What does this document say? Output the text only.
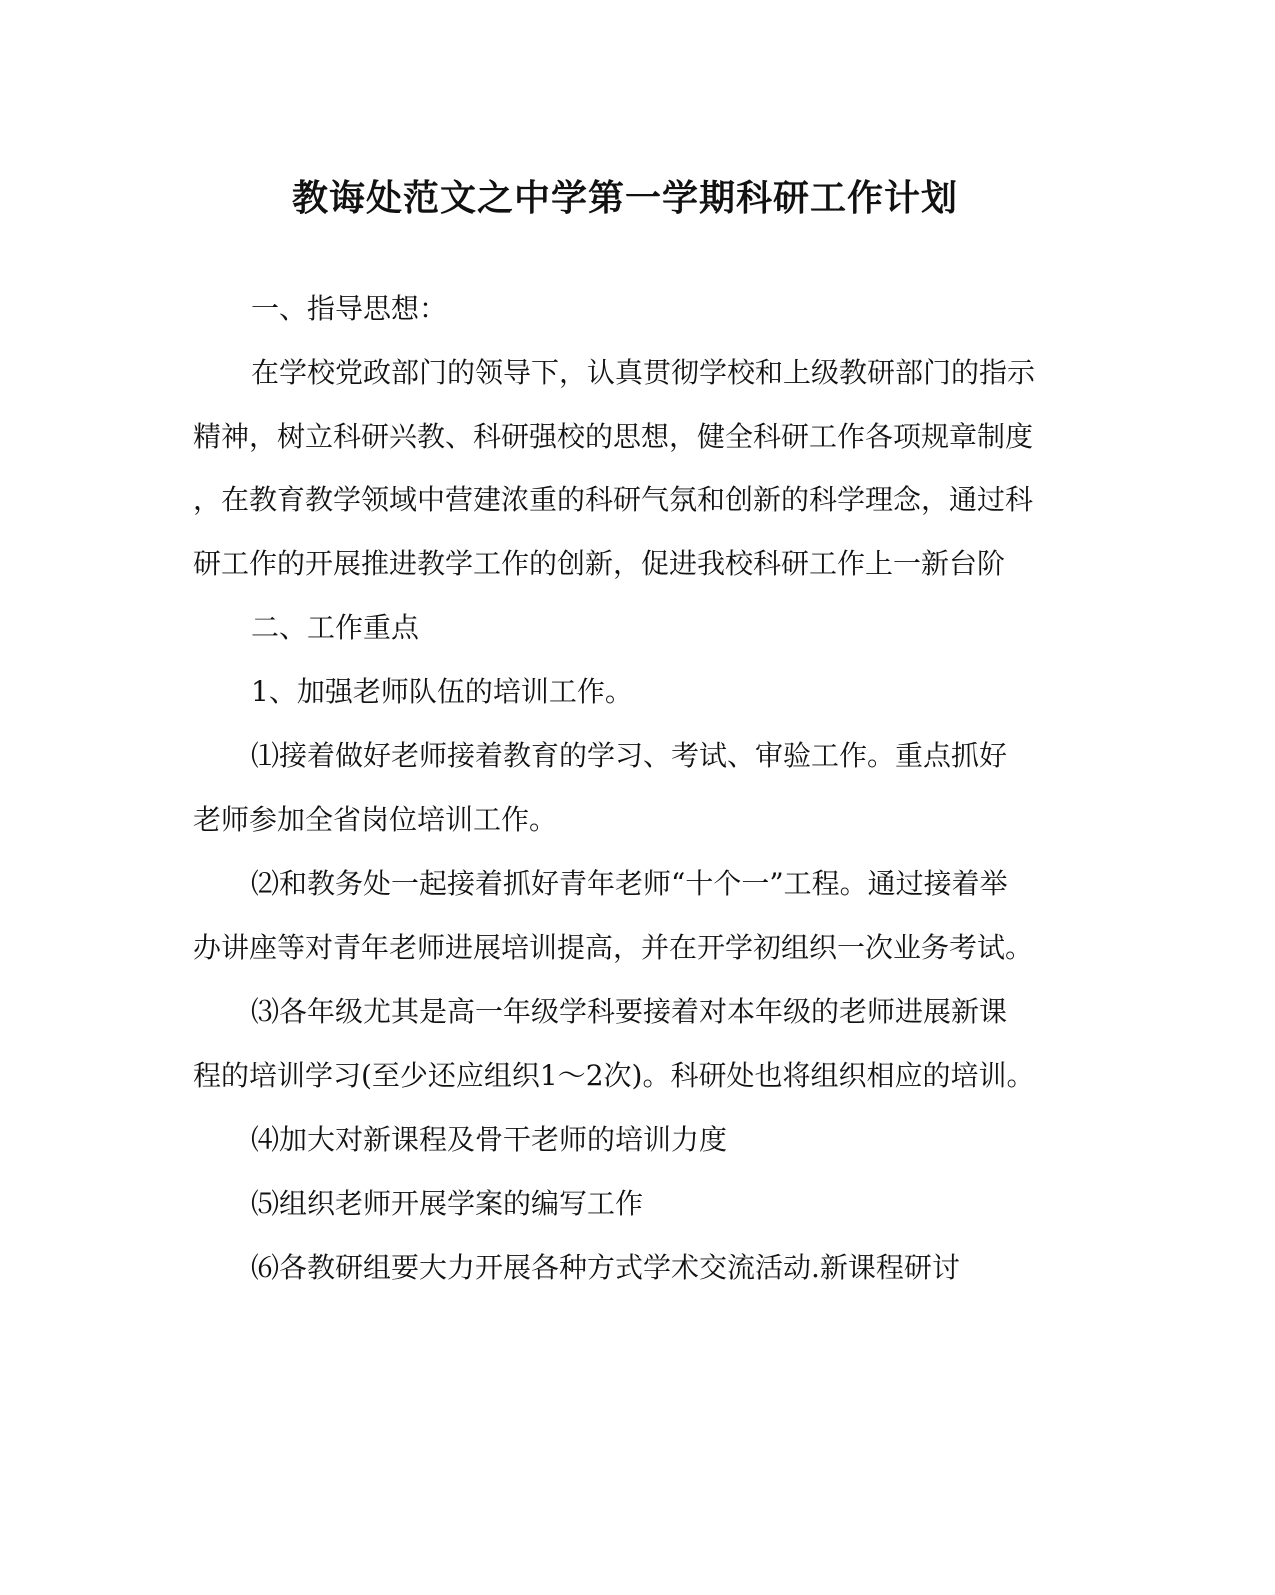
教诲处范文之中学第一学期科研工作计划
一、指导思想：
在学校党政部门的领导下，认真贯彻学校和上级教研部门的指示
精神，树立科研兴教、科研强校的思想，健全科研工作各项规章制度
，在教育教学领域中营建浓重的科研气氛和创新的科学理念，通过科
研工作的开展推进教学工作的创新，促进我校科研工作上一新台阶
二、工作重点
1、加强老师队伍的培训工作。
⑴接着做好老师接着教育的学习、考试、审验工作。重点抓好
老师参加全省岗位培训工作。
⑵和教务处一起接着抓好青年老师“十个一”工程。通过接着举
办讲座等对青年老师进展培训提高，并在开学初组织一次业务考试。
⑶各年级尤其是高一年级学科要接着对本年级的老师进展新课
程的培训学习(至少还应组织1～2次)。科研处也将组织相应的培训。
⑷加大对新课程及骨干老师的培训力度
⑸组织老师开展学案的编写工作
⑹各教研组要大力开展各种方式学术交流活动.新课程研讨
